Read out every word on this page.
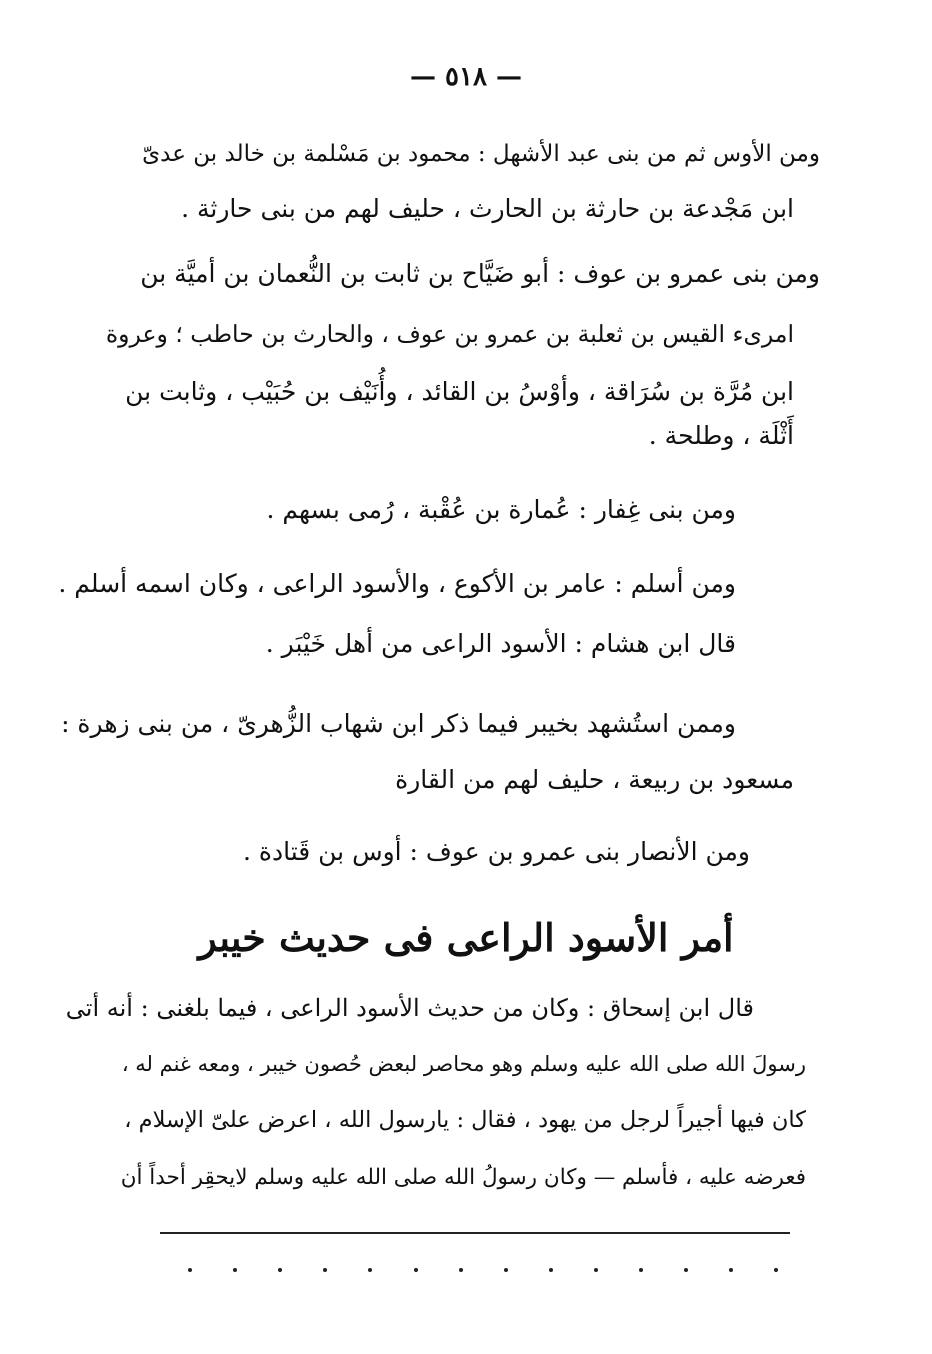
— ٥١٨ —
ومن الأوس ثم من بنى عبد الأشهل : محمود بن مَسْلمة بن خالد بن عدىّ
ابن مَجْدعة بن حارثة بن الحارث ، حليف لهم من بنى حارثة .
ومن بنى عمرو بن عوف : أبو ضَيَّاح بن ثابت بن النُّعمان بن أميَّة بن
امرىء القيس بن ثعلبة بن عمرو بن عوف ، والحارث بن حاطب ؛ وعروة
ابن مُرَّة بن سُرَاقة ، وأوْسُ بن القائد ، وأُنَيْف بن حُبَيْب ، وثابت بن
أَثْلَة ، وطلحة .
ومن بنى غِفار : عُمارة بن عُقْبة ، رُمى بسهم .
ومن أسلم : عامر بن الأكوع ، والأسود الراعى ، وكان اسمه أسلم .
قال ابن هشام : الأسود الراعى من أهل خَيْبَر .
وممن استُشهد بخيبر فيما ذكر ابن شهاب الزُّهرىّ ، من بنى زهرة :
مسعود بن ربيعة ، حليف لهم من القارة
ومن الأنصار بنى عمرو بن عوف : أوس بن قَتادة .
أمر الأسود الراعى فى حديث خيبر
قال ابن إسحاق : وكان من حديث الأسود الراعى ، فيما بلغنى : أنه أتى
رسولَ الله صلى الله عليه وسلم وهو محاصر لبعض حُصون خيبر ، ومعه غنم له ،
كان فيها أجيراً لرجل من يهود ، فقال : يارسول الله ، اعرض علىّ الإسلام ،
فعرضه عليه ، فأسلم — وكان رسولُ الله صلى الله عليه وسلم لايحقِر أحداً أن
